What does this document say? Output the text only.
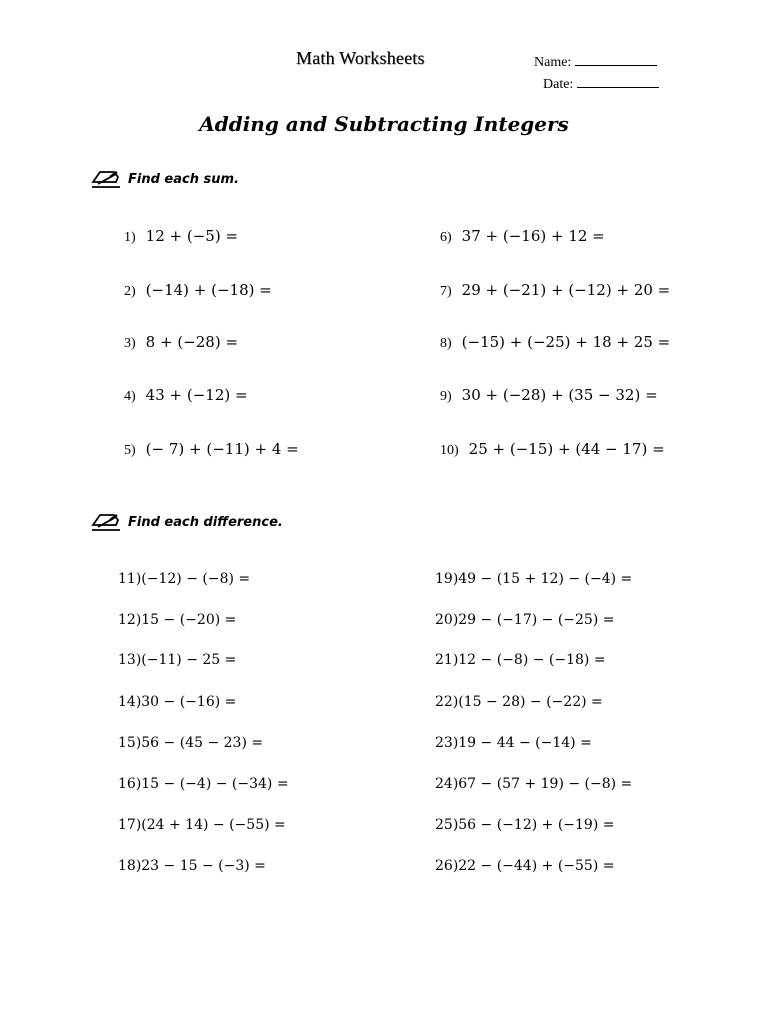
Math Worksheets	Name:
Date:
Adding and Subtracting Integers
Find each sum.
1) 12 + (−5) =
2) (−14) + (−18) =
3) 8 + (−28) =
4) 43 + (−12) =
5) (− 7) + (−11) + 4 =
6) 37 + (−16) + 12 =
7) 29 + (−21) + (−12) + 20 =
8) (−15) + (−25) + 18 + 25 =
9) 30 + (−28) + (35 − 32) =
10) 25 + (−15) + (44 − 17) =
Find each difference.
11)(−12) − (−8) =
12)15 − (−20) =
13)(−11) − 25 =
14)30 − (−16) =
15)56 − (45 − 23) =
16)15 − (−4) − (−34) =
17)(24 + 14) − (−55) =
18)23 − 15 − (−3) =
19)49 − (15 + 12) − (−4) =
20)29 − (−17) − (−25) =
21)12 − (−8) − (−18) =
22)(15 − 28) − (−22) =
23)19 − 44 − (−14) =
24)67 − (57 + 19) − (−8) =
25)56 − (−12) + (−19) =
26)22 − (−44) + (−55) =
